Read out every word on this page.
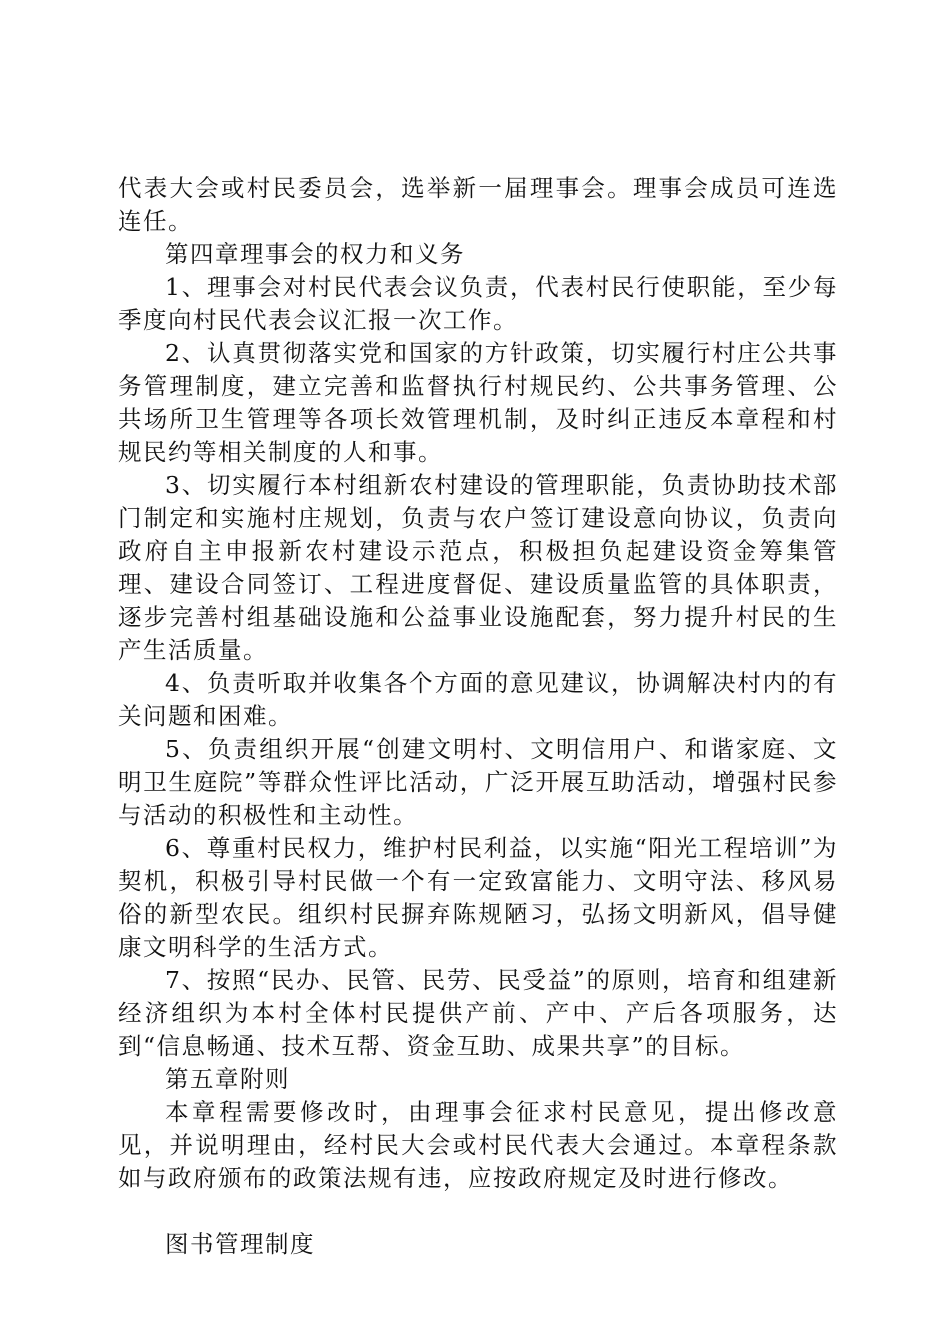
代表大会或村民委员会，选举新一届理事会。理事会成员可连选连任。

第四章理事会的权力和义务

1、理事会对村民代表会议负责，代表村民行使职能，至少每季度向村民代表会议汇报一次工作。

2、认真贯彻落实党和国家的方针政策，切实履行村庄公共事务管理制度，建立完善和监督执行村规民约、公共事务管理、公共场所卫生管理等各项长效管理机制，及时纠正违反本章程和村规民约等相关制度的人和事。

3、切实履行本村组新农村建设的管理职能，负责协助技术部门制定和实施村庄规划，负责与农户签订建设意向协议，负责向政府自主申报新农村建设示范点，积极担负起建设资金筹集管理、建设合同签订、工程进度督促、建设质量监管的具体职责，逐步完善村组基础设施和公益事业设施配套，努力提升村民的生产生活质量。

4、负责听取并收集各个方面的意见建议，协调解决村内的有关问题和困难。

5、负责组织开展“创建文明村、文明信用户、和谐家庭、文明卫生庭院”等群众性评比活动，广泛开展互助活动，增强村民参与活动的积极性和主动性。

6、尊重村民权力，维护村民利益，以实施“阳光工程培训”为契机，积极引导村民做一个有一定致富能力、文明守法、移风易俗的新型农民。组织村民摒弃陈规陋习，弘扬文明新风，倡导健康文明科学的生活方式。

7、按照“民办、民管、民劳、民受益”的原则，培育和组建新经济组织为本村全体村民提供产前、产中、产后各项服务，达到“信息畅通、技术互帮、资金互助、成果共享”的目标。

第五章附则

本章程需要修改时，由理事会征求村民意见，提出修改意见，并说明理由，经村民大会或村民代表大会通过。本章程条款如与政府颁布的政策法规有违，应按政府规定及时进行修改。

图书管理制度
